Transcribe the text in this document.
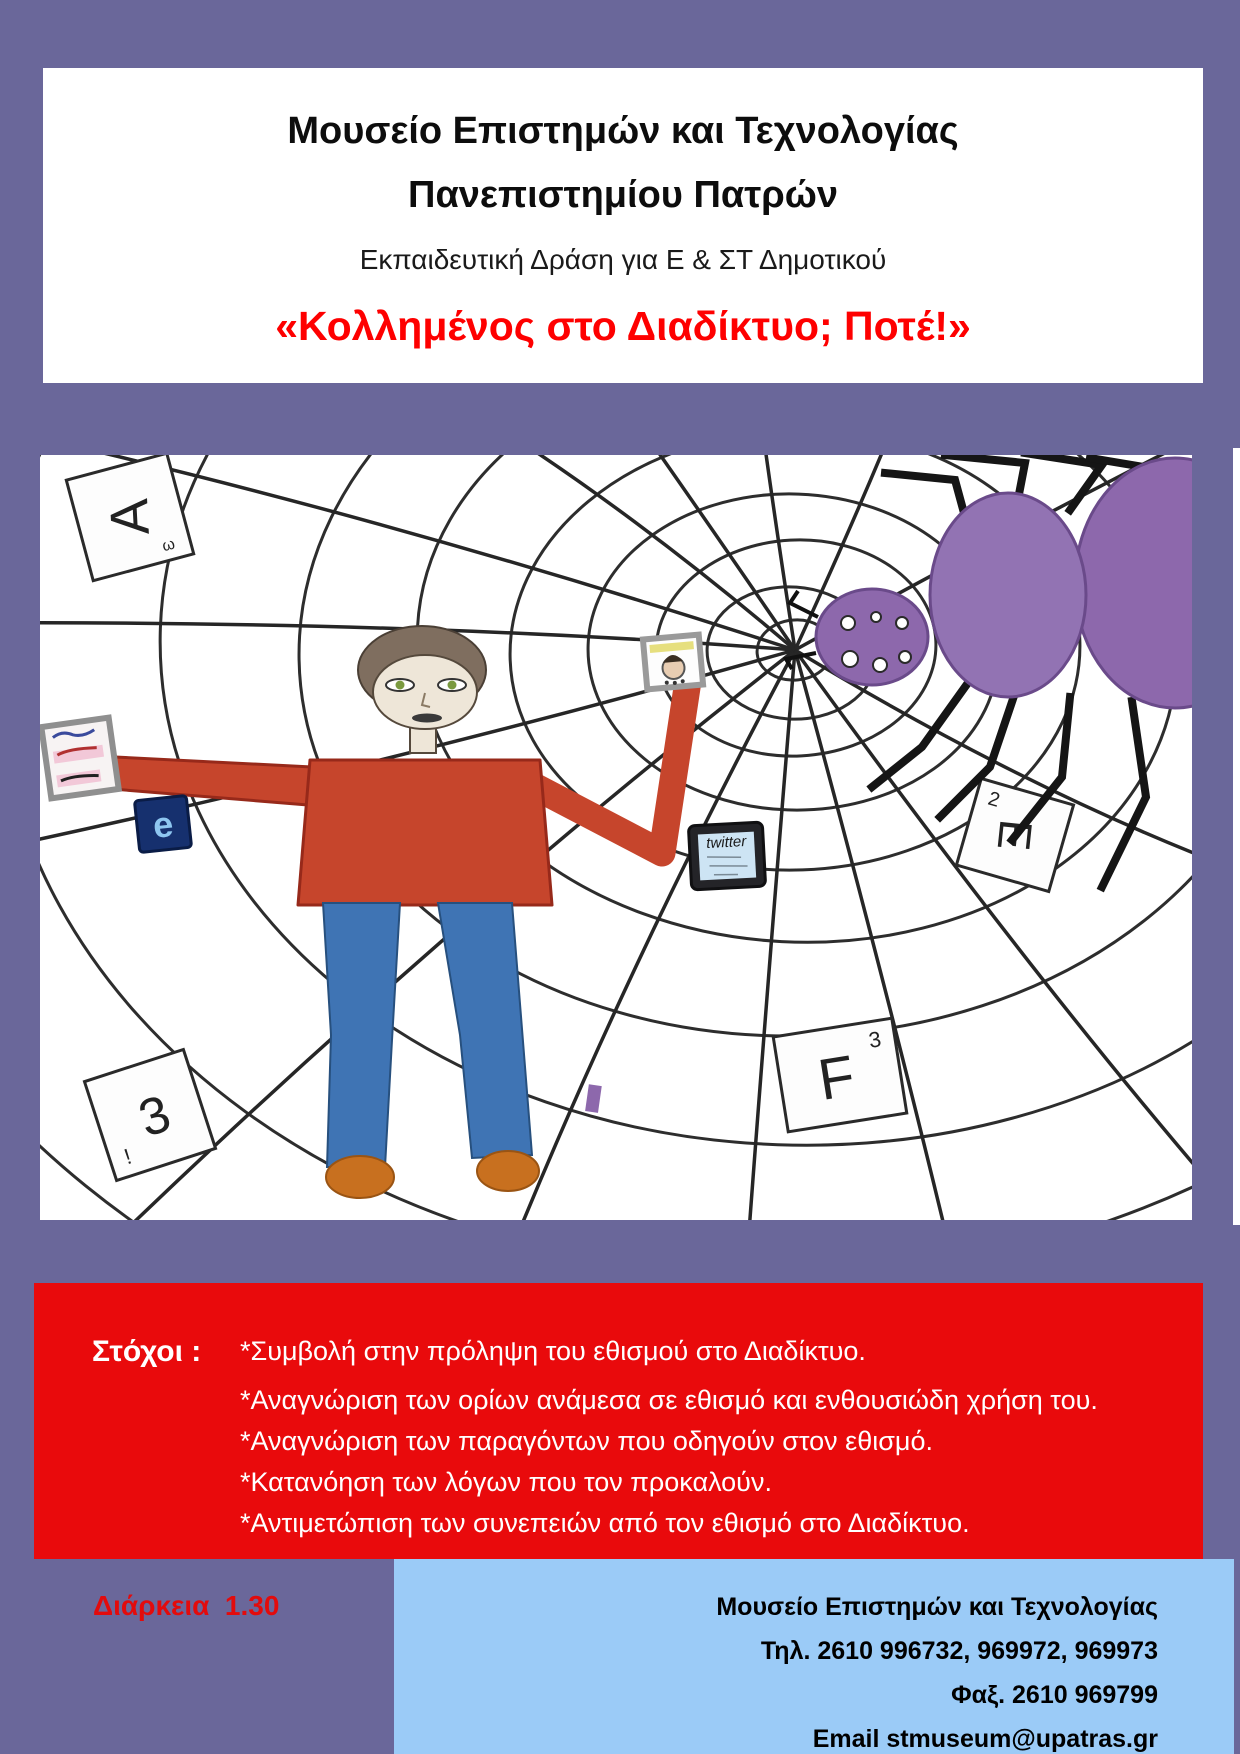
Μουσείο Επιστημών και Τεχνολογίας
Πανεπιστημίου Πατρών
Εκπαιδευτική Δράση για Ε & ΣΤ Δημοτικού
«Κολλημένος στο Διαδίκτυο; Ποτέ!»
A
ω
3
!
F
3
E
2
twitter
e
Στόχοι :	*Συμβολή στην πρόληψη του εθισμού στο Διαδίκτυο.
*Αναγνώριση των ορίων ανάμεσα σε εθισμό και ενθουσιώδη χρήση του.
*Αναγνώριση των παραγόντων που οδηγούν στον εθισμό.
*Κατανόηση των λόγων που τον προκαλούν.
*Αντιμετώπιση των συνεπειών από τον εθισμό στο Διαδίκτυο.
Διάρκεια  1.30	Μουσείο Επιστημών και Τεχνολογίας
Τηλ. 2610 996732, 969972, 969973
Φαξ. 2610 969799
Email stmuseum@upatras.gr
